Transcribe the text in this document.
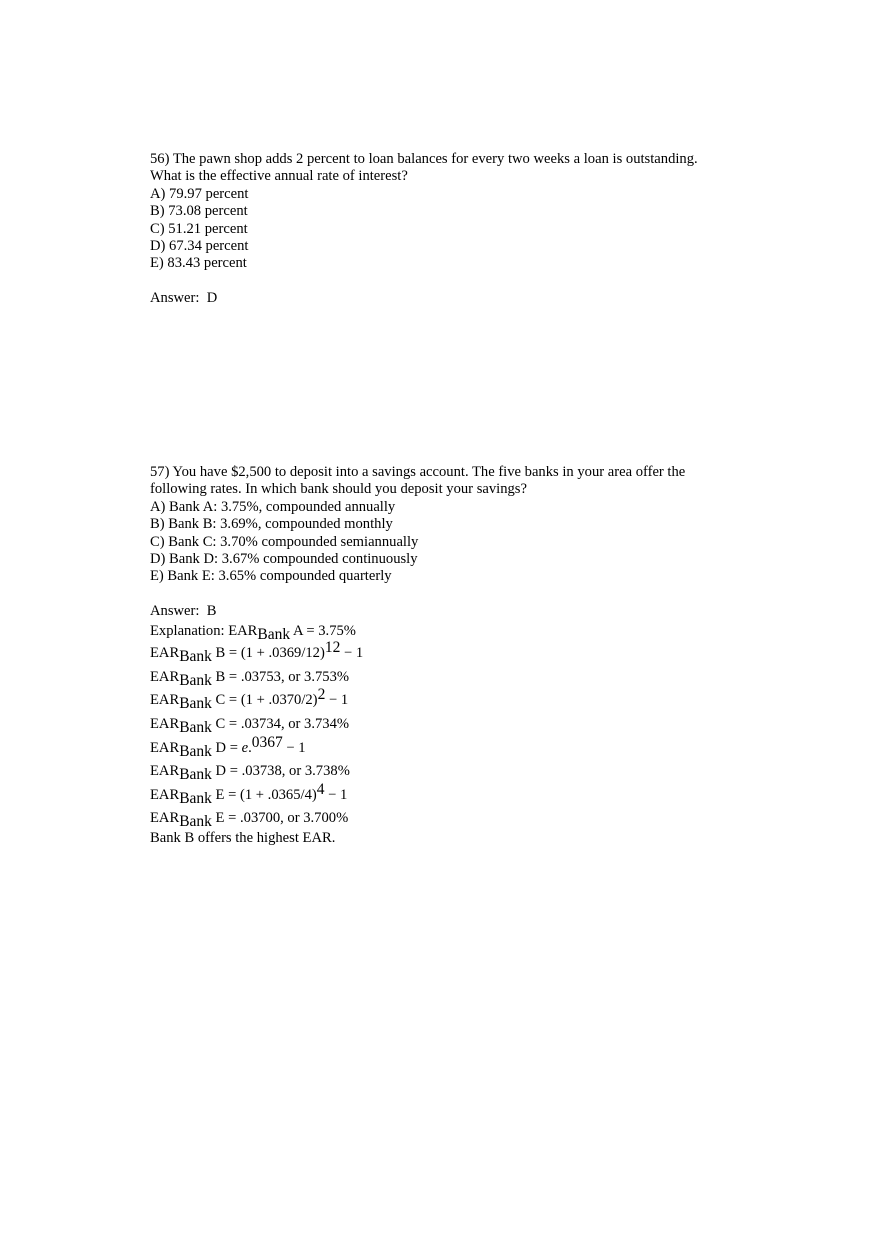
56) The pawn shop adds 2 percent to loan balances for every two weeks a loan is outstanding.
What is the effective annual rate of interest?
A) 79.97 percent
B) 73.08 percent
C) 51.21 percent
D) 67.34 percent
E) 83.43 percent
Answer:  D
57) You have $2,500 to deposit into a savings account. The five banks in your area offer the
following rates. In which bank should you deposit your savings?
A) Bank A: 3.75%, compounded annually
B) Bank B: 3.69%, compounded monthly
C) Bank C: 3.70% compounded semiannually
D) Bank D: 3.67% compounded continuously
E) Bank E: 3.65% compounded quarterly
Answer:  B
Explanation: EARBank A = 3.75%
EARBank B = (1 + .0369/12)12 − 1
EARBank B = .03753, or 3.753%
EARBank C = (1 + .0370/2)2 − 1
EARBank C = .03734, or 3.734%
EARBank D = e.0367 − 1
EARBank D = .03738, or 3.738%
EARBank E = (1 + .0365/4)4 − 1
EARBank E = .03700, or 3.700%
Bank B offers the highest EAR.
